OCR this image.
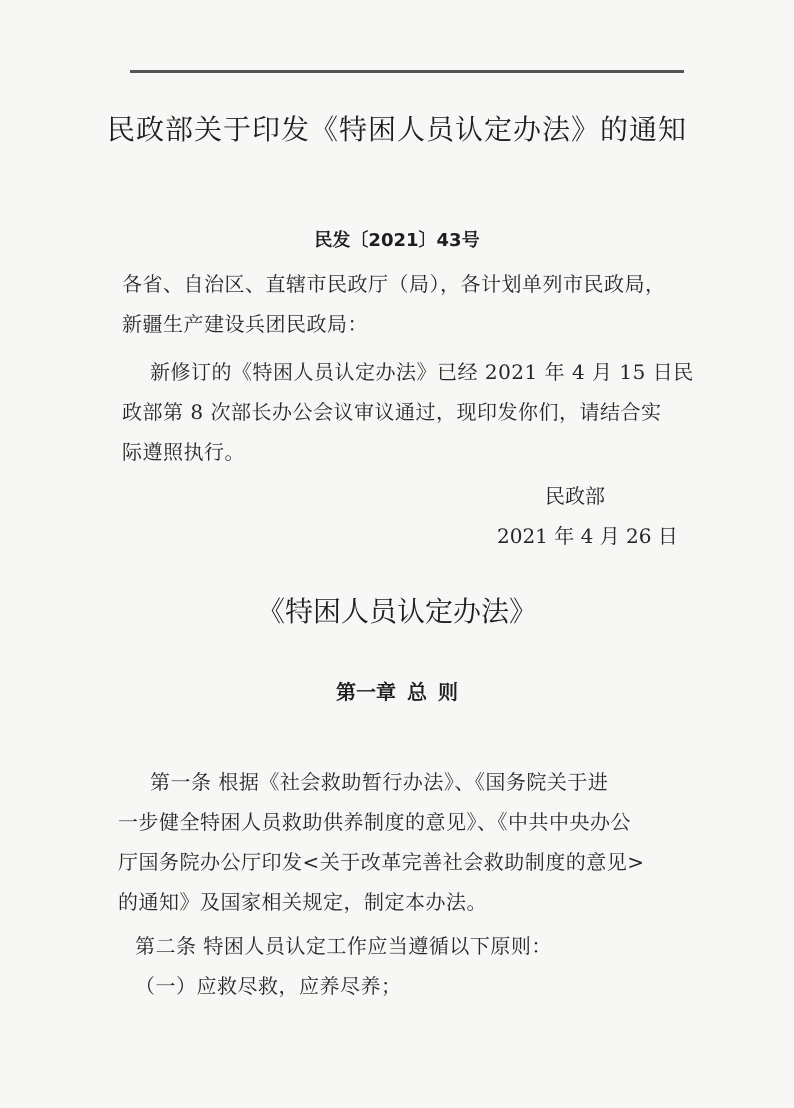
民政部关于印发《特困人员认定办法》的通知
民发〔2021〕43号
各省、自治区、直辖市民政厅（局），各计划单列市民政局，
新疆生产建设兵团民政局：
新修订的《特困人员认定办法》已经 2021 年 4 月 15 日民
政部第 8 次部长办公会议审议通过，现印发你们，请结合实
际遵照执行。
民政部
2021 年 4 月 26 日
《特困人员认定办法》
第一章 总 则
第一条 根据《社会救助暂行办法》、《国务院关于进
一步健全特困人员救助供养制度的意见》、《中共中央办公
厅国务院办公厅印发<关于改革完善社会救助制度的意见>
的通知》及国家相关规定，制定本办法。
第二条 特困人员认定工作应当遵循以下原则：
（一）应救尽救，应养尽养；
